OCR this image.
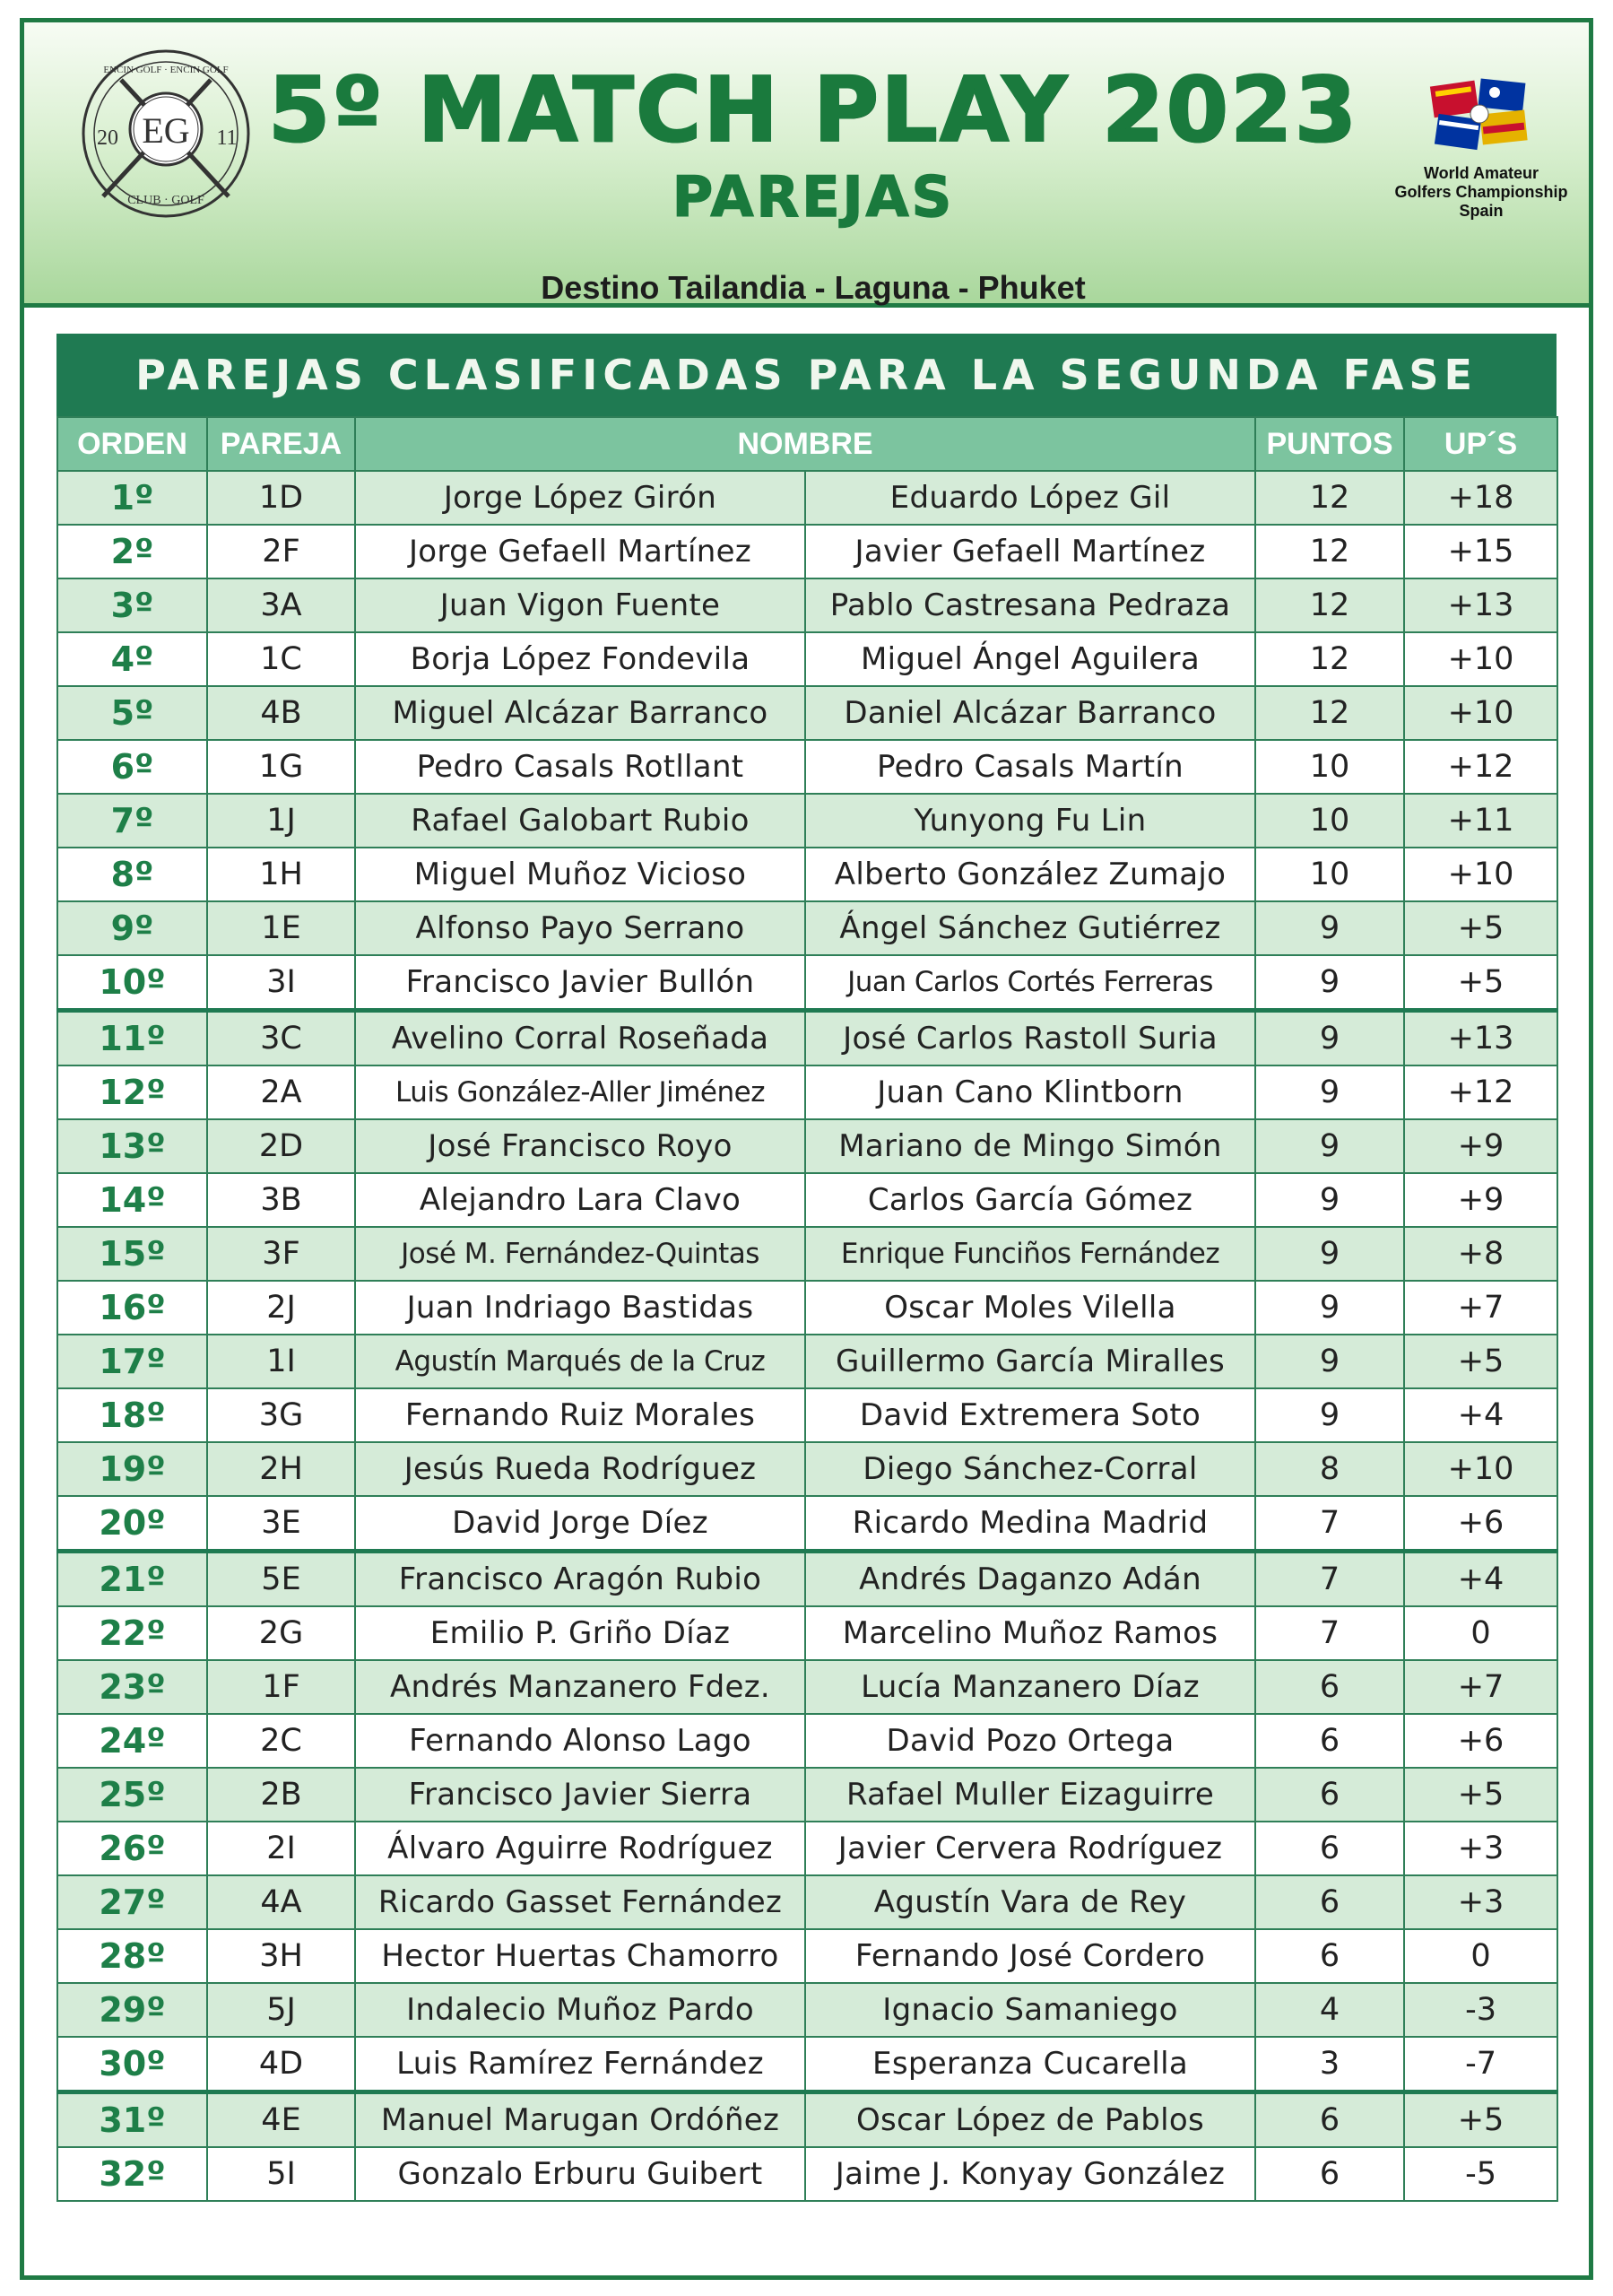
EG
20	11
ENCIN GOLF · ENCIN GOLF
CLUB · GOLF
5º MATCH PLAY 2023
PAREJAS
Destino Tailandia - Laguna - Phuket
World Amateur
Golfers Championship
Spain
PAREJAS CLASIFICADAS PARA LA SEGUNDA FASE
ORDEN	PAREJA	NOMBRE		PUNTOS	UP´S
1º	1D	Jorge López Girón	Eduardo López Gil	12	+18
2º	2F	Jorge Gefaell Martínez	Javier Gefaell Martínez	12	+15
3º	3A	Juan Vigon Fuente	Pablo Castresana Pedraza	12	+13
4º	1C	Borja López Fondevila	Miguel Ángel Aguilera	12	+10
5º	4B	Miguel Alcázar Barranco	Daniel Alcázar Barranco	12	+10
6º	1G	Pedro Casals Rotllant	Pedro Casals Martín	10	+12
7º	1J	Rafael Galobart Rubio	Yunyong Fu Lin	10	+11
8º	1H	Miguel Muñoz Vicioso	Alberto González Zumajo	10	+10
9º	1E	Alfonso Payo Serrano	Ángel Sánchez Gutiérrez	9	+5
10º	3I	Francisco Javier Bullón	Juan Carlos Cortés Ferreras	9	+5
11º	3C	Avelino Corral Roseñada	José Carlos Rastoll Suria	9	+13
12º	2A	Luis González-Aller Jiménez	Juan Cano Klintborn	9	+12
13º	2D	José Francisco Royo	Mariano de Mingo Simón	9	+9
14º	3B	Alejandro Lara Clavo	Carlos García Gómez	9	+9
15º	3F	José M. Fernández-Quintas	Enrique Funciños Fernández	9	+8
16º	2J	Juan Indriago Bastidas	Oscar Moles Vilella	9	+7
17º	1I	Agustín Marqués de la Cruz	Guillermo García Miralles	9	+5
18º	3G	Fernando Ruiz Morales	David Extremera Soto	9	+4
19º	2H	Jesús Rueda Rodríguez	Diego Sánchez-Corral	8	+10
20º	3E	David Jorge Díez	Ricardo Medina Madrid	7	+6
21º	5E	Francisco Aragón Rubio	Andrés Daganzo Adán	7	+4
22º	2G	Emilio P. Griño Díaz	Marcelino Muñoz Ramos	7	0
23º	1F	Andrés Manzanero Fdez.	Lucía Manzanero Díaz	6	+7
24º	2C	Fernando Alonso Lago	David Pozo Ortega	6	+6
25º	2B	Francisco Javier Sierra	Rafael Muller Eizaguirre	6	+5
26º	2I	Álvaro Aguirre Rodríguez	Javier Cervera Rodríguez	6	+3
27º	4A	Ricardo Gasset Fernández	Agustín Vara de Rey	6	+3
28º	3H	Hector Huertas Chamorro	Fernando José Cordero	6	0
29º	5J	Indalecio Muñoz Pardo	Ignacio Samaniego	4	-3
30º	4D	Luis Ramírez Fernández	Esperanza Cucarella	3	-7
31º	4E	Manuel Marugan Ordóñez	Oscar López de Pablos	6	+5
32º	5I	Gonzalo Erburu Guibert	Jaime J. Konyay González	6	-5
